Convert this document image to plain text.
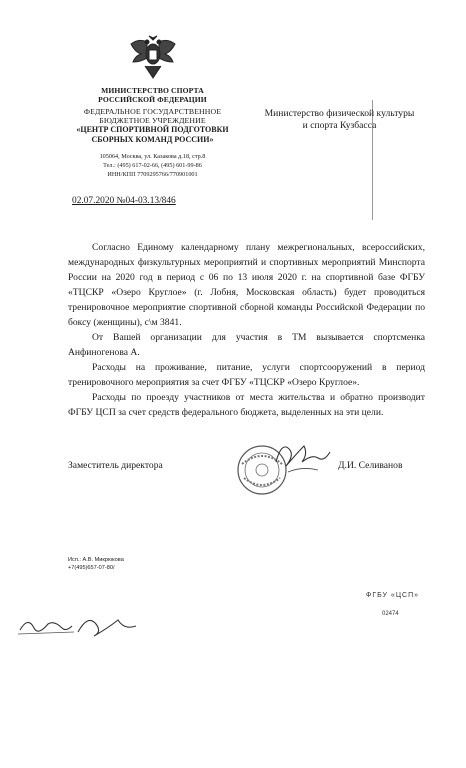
МИНИСТЕРСТВО СПОРТА
РОССИЙСКОЙ ФЕДЕРАЦИИ
ФЕДЕРАЛЬНОЕ ГОСУДАРСТВЕННОЕ
БЮДЖЕТНОЕ УЧРЕЖДЕНИЕ
«ЦЕНТР СПОРТИВНОЙ ПОДГОТОВКИ
СБОРНЫХ КОМАНД РОССИИ»
105064, Москва, ул. Казакова д.18, стр.8
Тел.: (495) 617-02-66, (495) 601-99-86
ИНН/КПП 7709295766/770901001
Министерство физической культуры
и спорта Кузбасса
02.07.2020 №04-03.13/846

Согласно Единому календарному плану межрегиональных, всероссийских, международных физкультурных мероприятий и спортивных мероприятий Минспорта России на 2020 год в период с 06 по 13 июля 2020 г. на спортивной базе ФГБУ «ТЦСКР «Озеро Круглое» (г. Лобня, Московская область) будет проводиться тренировочное мероприятие спортивной сборной команды Российской Федерации по боксу (женщины), с\м 3841.

От Вашей организации для участия в ТМ вызывается спортсменка Анфиногенова А.

Расходы на проживание, питание, услуги спортсооружений в период тренировочного мероприятия за счет ФГБУ «ТЦСКР «Озеро Круглое».

Расходы по проезду участников от места жительства и обратно производит ФГБУ ЦСП за счет средств федерального бюджета, выделенных на эти цели.

Заместитель директора	Д.И. Селиванов
Исп.: А.В. Микрюкова
+7(495)657-07-80/
ФГБУ «ЦСП»
02474
